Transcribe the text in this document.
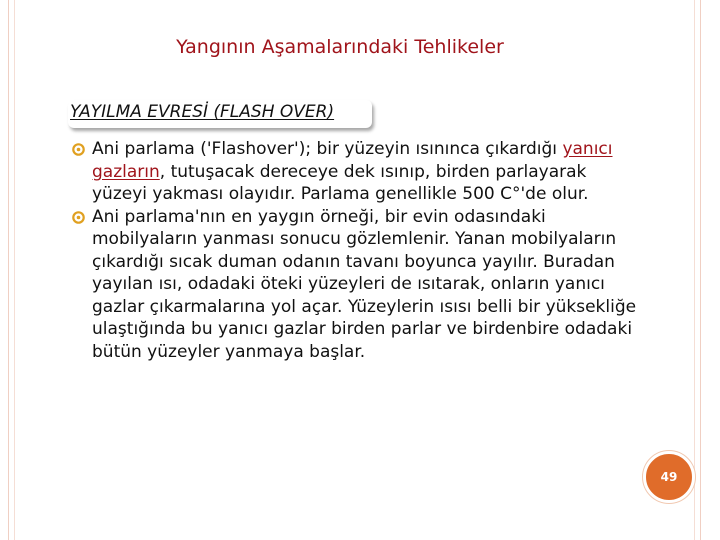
Yangının Aşamalarındaki Tehlikeler
YAYILMA EVRESİ (FLASH OVER)
Ani parlama ('Flashover'); bir yüzeyin ısınınca çıkardığı yanıcı gazların, tutuşacak dereceye dek ısınıp, birden parlayarak yüzeyi yakması olayıdır. Parlama genellikle 500 C°'de olur.
Ani parlama'nın en yaygın örneği, bir evin odasındaki mobilyaların yanması sonucu gözlemlenir. Yanan mobilyaların çıkardığı sıcak duman odanın tavanı boyunca yayılır. Buradan yayılan ısı, odadaki öteki yüzeyleri de ısıtarak, onların yanıcı gazlar çıkarmalarına yol açar. Yüzeylerin ısısı belli bir yüksekliğe ulaştığında bu yanıcı gazlar birden parlar ve birdenbire odadaki bütün yüzeyler yanmaya başlar.
49
